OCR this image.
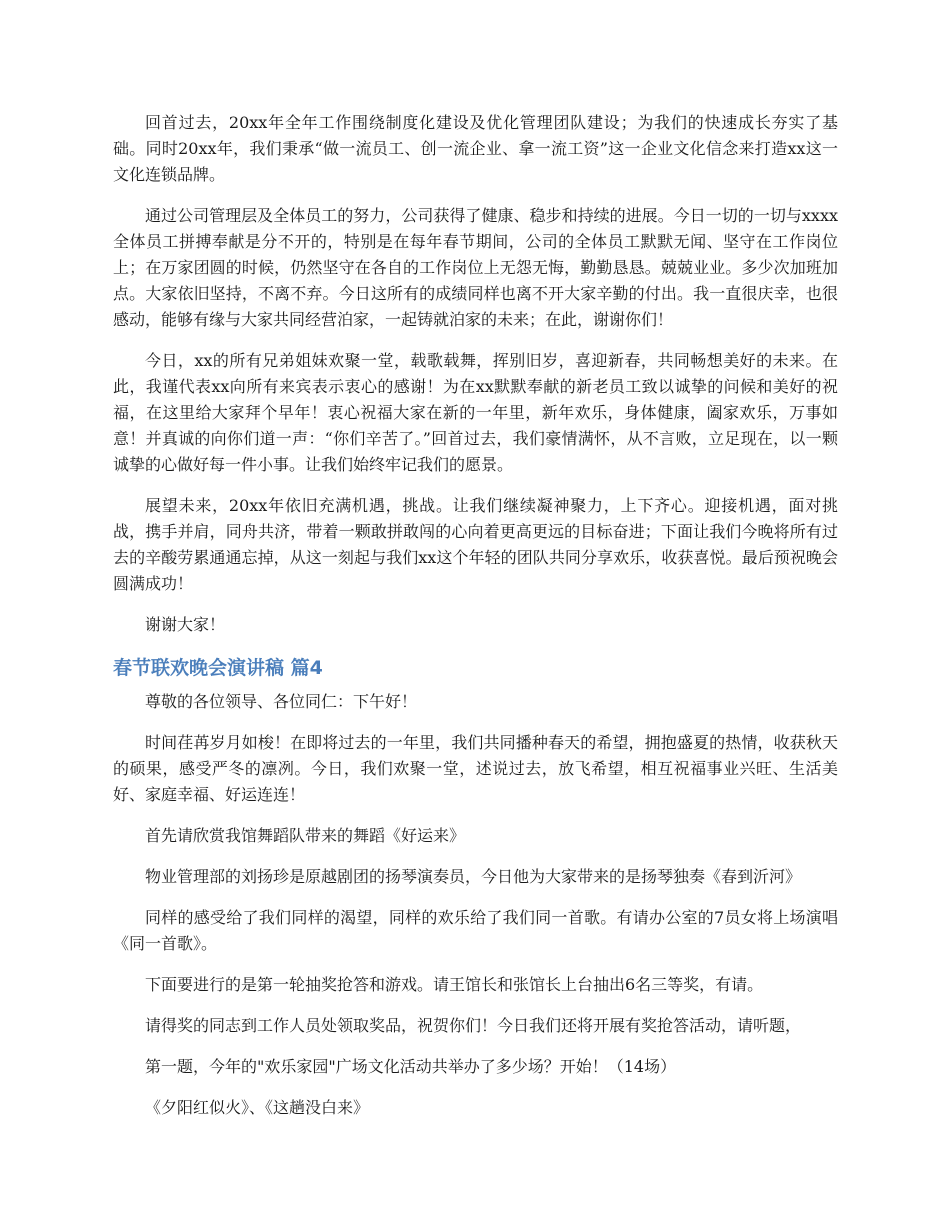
回首过去，20xx年全年工作围绕制度化建设及优化管理团队建设；为我们的快速成长夯实了基础。同时20xx年，我们秉承“做一流员工、创一流企业、拿一流工资”这一企业文化信念来打造xx这一文化连锁品牌。

通过公司管理层及全体员工的努力，公司获得了健康、稳步和持续的进展。今日一切的一切与xxxx全体员工拼搏奉献是分不开的，特别是在每年春节期间，公司的全体员工默默无闻、坚守在工作岗位上；在万家团圆的时候，仍然坚守在各自的工作岗位上无怨无悔，勤勤恳恳。兢兢业业。多少次加班加点。大家依旧坚持，不离不弃。今日这所有的成绩同样也离不开大家辛勤的付出。我一直很庆幸，也很感动，能够有缘与大家共同经营泊家，一起铸就泊家的未来；在此，谢谢你们！

今日，xx的所有兄弟姐妹欢聚一堂，载歌载舞，挥别旧岁，喜迎新春，共同畅想美好的未来。在此，我谨代表xx向所有来宾表示衷心的感谢！为在xx默默奉献的新老员工致以诚挚的问候和美好的祝福，在这里给大家拜个早年！衷心祝福大家在新的一年里，新年欢乐，身体健康，阖家欢乐，万事如意！并真诚的向你们道一声：“你们辛苦了。”回首过去，我们豪情满怀，从不言败，立足现在，以一颗诚挚的心做好每一件小事。让我们始终牢记我们的愿景。

展望未来，20xx年依旧充满机遇，挑战。让我们继续凝神聚力，上下齐心。迎接机遇，面对挑战，携手并肩，同舟共济，带着一颗敢拼敢闯的心向着更高更远的目标奋进；下面让我们今晚将所有过去的辛酸劳累通通忘掉，从这一刻起与我们xx这个年轻的团队共同分享欢乐，收获喜悦。最后预祝晚会圆满成功！

谢谢大家！

春节联欢晚会演讲稿 篇4

尊敬的各位领导、各位同仁：下午好！

时间荏苒岁月如梭！在即将过去的一年里，我们共同播种春天的希望，拥抱盛夏的热情，收获秋天的硕果，感受严冬的凛冽。今日，我们欢聚一堂，述说过去，放飞希望，相互祝福事业兴旺、生活美好、家庭幸福、好运连连！

首先请欣赏我馆舞蹈队带来的舞蹈《好运来》

物业管理部的刘扬珍是原越剧团的扬琴演奏员，今日他为大家带来的是扬琴独奏《春到沂河》

同样的感受给了我们同样的渴望，同样的欢乐给了我们同一首歌。有请办公室的7员女将上场演唱《同一首歌》。

下面要进行的是第一轮抽奖抢答和游戏。请王馆长和张馆长上台抽出6名三等奖，有请。

请得奖的同志到工作人员处领取奖品，祝贺你们！今日我们还将开展有奖抢答活动，请听题，

第一题，今年的"欢乐家园"广场文化活动共举办了多少场？开始！（14场）

《夕阳红似火》、《这趟没白来》
